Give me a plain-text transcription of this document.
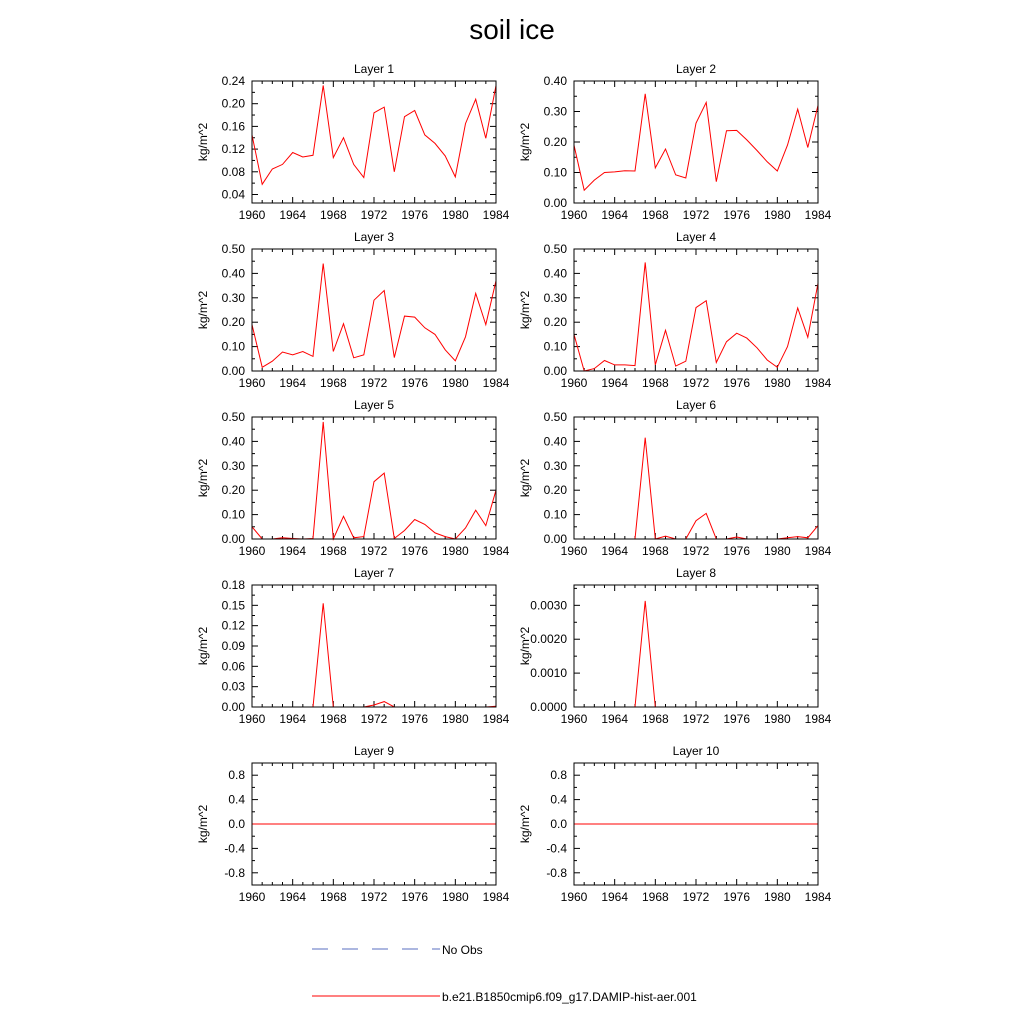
soil ice
Layer 1
kg/m^2
1960 1964 1968 1972 1976 1980 1984
0.04
0.08
0.12
0.16
0.20
0.24
Layer 2
kg/m^2
1960 1964 1968 1972 1976 1980 1984
0.00
0.10
0.20
0.30
0.40
Layer 3
kg/m^2
1960 1964 1968 1972 1976 1980 1984
0.00
0.10
0.20
0.30
0.40
0.50
Layer 4
kg/m^2
1960 1964 1968 1972 1976 1980 1984
0.00
0.10
0.20
0.30
0.40
0.50
Layer 5
kg/m^2
1960 1964 1968 1972 1976 1980 1984
0.00
0.10
0.20
0.30
0.40
0.50
Layer 6
kg/m^2
1960 1964 1968 1972 1976 1980 1984
0.00
0.10
0.20
0.30
0.40
0.50
Layer 7
kg/m^2
1960 1964 1968 1972 1976 1980 1984
0.00
0.03
0.06
0.09
0.12
0.15
0.18
Layer 8
kg/m^2
1960 1964 1968 1972 1976 1980 1984
0.0000
0.0010
0.0020
0.0030
Layer 9
kg/m^2
1960 1964 1968 1972 1976 1980 1984
-0.8
-0.4
0.0
0.4
0.8
Layer 10
kg/m^2
1960 1964 1968 1972 1976 1980 1984
-0.8
-0.4
0.0
0.4
0.8
No Obs
b.e21.B1850cmip6.f09_g17.DAMIP-hist-aer.001
